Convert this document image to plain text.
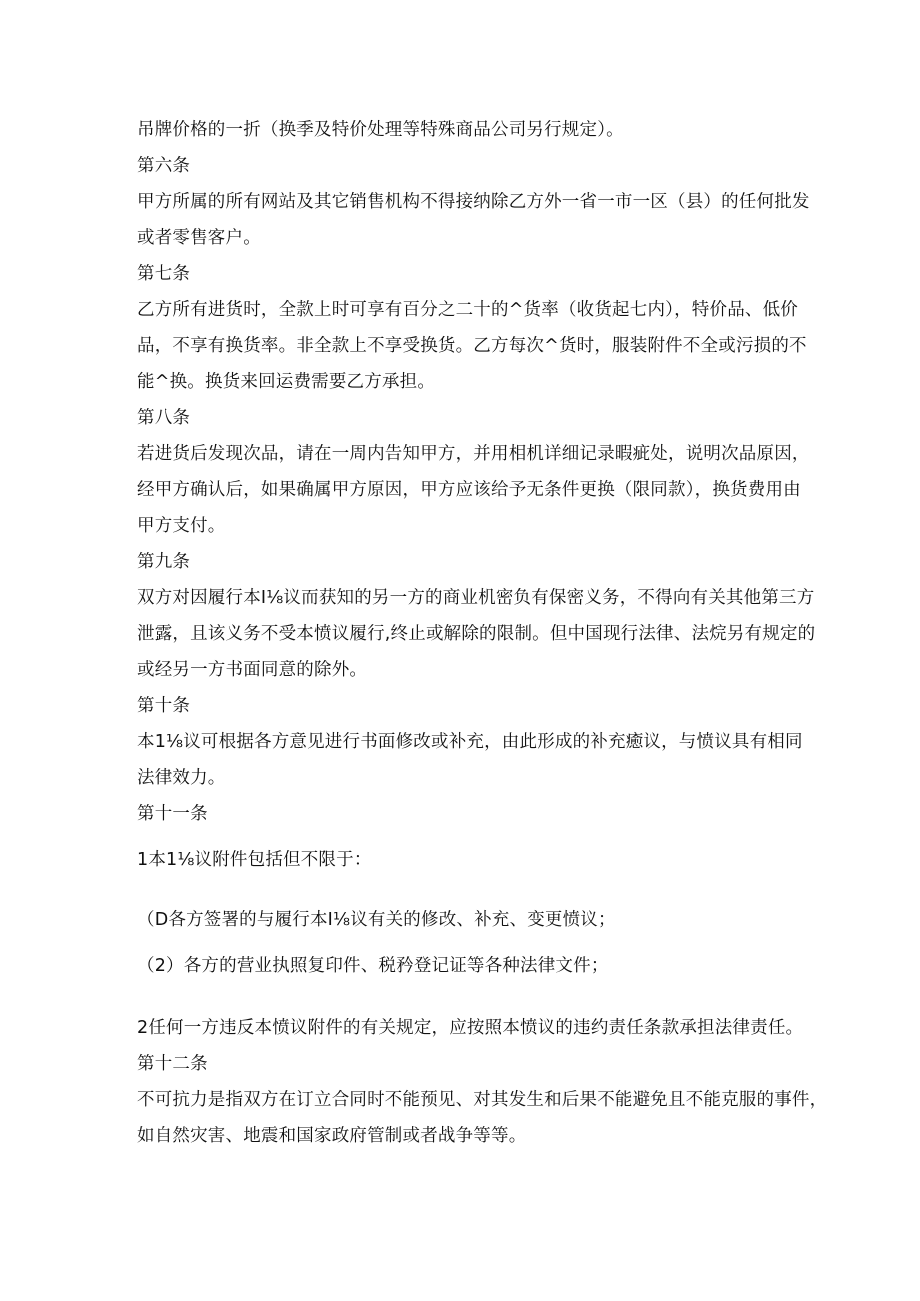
吊牌价格的一折（换季及特价处理等特殊商品公司另行规定）。
第六条
甲方所属的所有网站及其它销售机构不得接纳除乙方外一省一市一区（县）的任何批发
或者零售客户。
第七条
乙方所有进货时，全款上时可享有百分之二十的^货率（收货起七内），特价品、低价
品，不享有换货率。非全款上不享受换货。乙方每次^货时，服装附件不全或污损的不
能^换。换货来回运费需要乙方承担。
第八条
若进货后发现次品，请在一周内告知甲方，并用相机详细记录暇疵处，说明次品原因，
经甲方确认后，如果确属甲方原因，甲方应该给予无条件更换（限同款），换货费用由
甲方支付。
第九条
双方对因履行本I⅛议而获知的另一方的商业机密负有保密义务，不得向有关其他第三方
泄露，且该义务不受本愤议履行,终止或解除的限制。但中国现行法律、法烷另有规定的
或经另一方书面同意的除外。
第十条
本1⅛议可根据各方意见进行书面修改或补充，由此形成的补充癒议，与愤议具有相同
法律效力。
第十一条
1本1⅛议附件包括但不限于：
（D各方签署的与履行本I⅛议有关的修改、补充、变更愤议；
（2）各方的营业执照复印件、税矜登记证等各种法律文件；
2任何一方违反本愤议附件的有关规定，应按照本愤议的违约责任条款承担法律责任。
第十二条
不可抗力是指双方在订立合同时不能预见、对其发生和后果不能避免且不能克服的事件，
如自然灾害、地震和国家政府管制或者战争等等。
